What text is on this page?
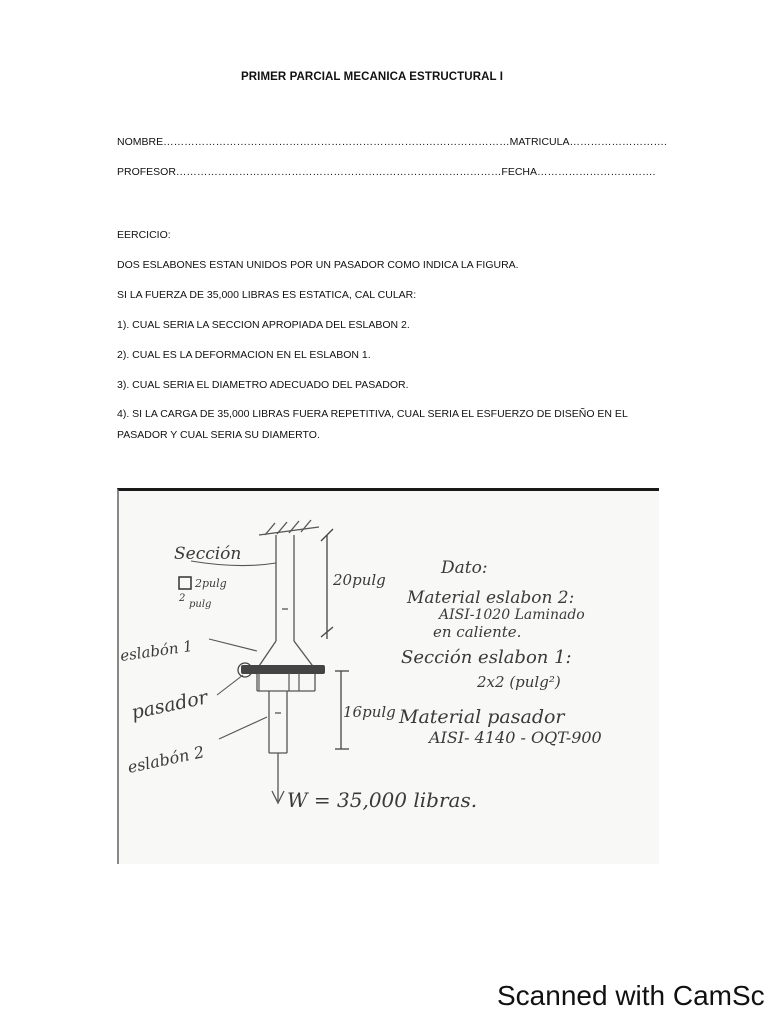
PRIMER PARCIAL MECANICA ESTRUCTURAL I
NOMBRE………………………………………………………………………………………MATRICULA……………………….
PROFESOR…………………………………………………………………………………FECHA…………………………….
EERCICIO:
DOS ESLABONES ESTAN UNIDOS POR UN PASADOR COMO INDICA LA FIGURA.
SI LA FUERZA DE 35,000 LIBRAS ES ESTATICA, CAL CULAR:
1). CUAL SERIA LA SECCION APROPIADA DEL ESLABON 2.
2). CUAL ES LA DEFORMACION EN EL ESLABON 1.
3). CUAL SERIA EL DIAMETRO ADECUADO DEL PASADOR.
4). SI LA CARGA DE 35,000 LIBRAS FUERA REPETITIVA, CUAL SERIA EL ESFUERZO DE DISEÑO EN EL PASADOR Y CUAL SERIA SU DIAMERTO.
Sección
2pulg
2
pulg
eslabón 1
pasador
eslabón 2
20pulg
16pulg
W = 35,000 libras.
Dato:
Material eslabon 2:
AISI-1020 Laminado
en caliente.
Sección eslabon 1:
2x2 (pulg²)
Material pasador
AISI- 4140 - OQT-900
Scanned with CamSc
